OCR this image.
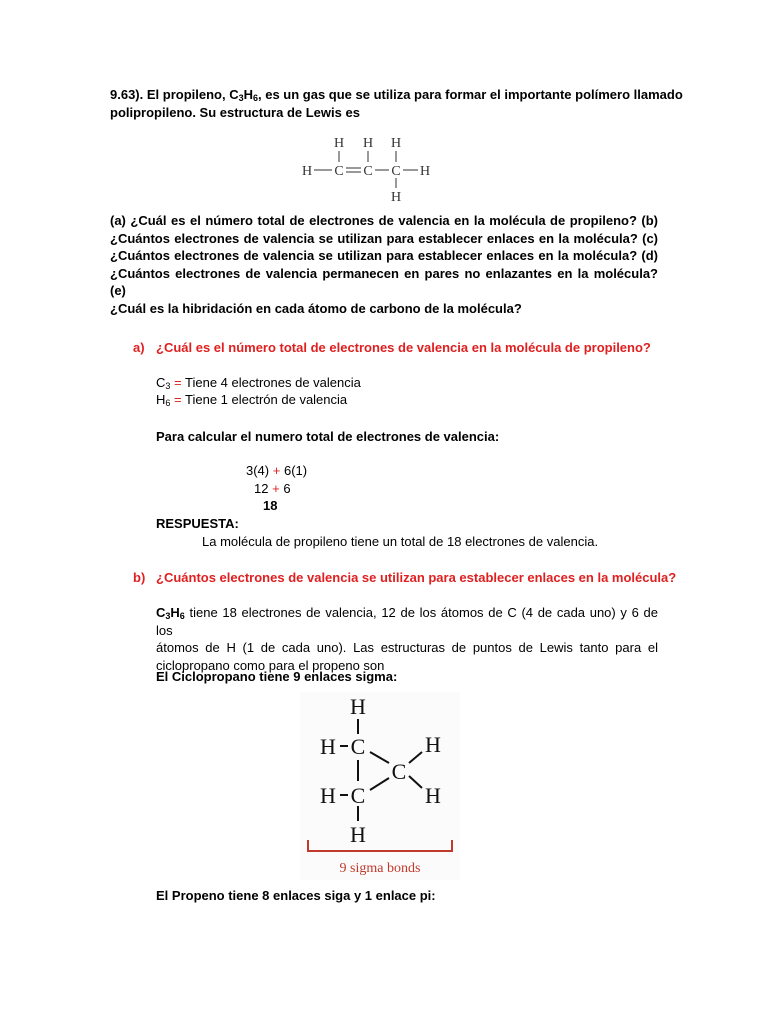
9.63). El propileno, $C_3H_6$, es un gas que se utiliza para formar el importante polímero llamado
polipropileno. Su estructura de Lewis es
H H H
H C C C H
H
(a) ¿Cuál es el número total de electrones de valencia en la molécula de propileno? (b)
¿Cuántos electrones de valencia se utilizan para establecer enlaces en la molécula? (c)
¿Cuántos electrones de valencia se utilizan para establecer enlaces en la molécula? (d)
¿Cuántos electrones de valencia permanecen en pares no enlazantes en la molécula? (e)
¿Cuál es la hibridación en cada átomo de carbono de la molécula?
a) ¿Cuál es el número total de electrones de valencia en la molécula de propileno?
$C_3$ = Tiene 4 electrones de valencia
$H_6$ = Tiene 1 electrón de valencia
Para calcular el numero total de electrones de valencia:
3(4) + 6(1)
12 + 6
18
RESPUESTA:
La molécula de propileno tiene un total de 18 electrones de valencia.
b) ¿Cuántos electrones de valencia se utilizan para establecer enlaces en la molécula?
$C_3H_6$ tiene 18 electrones de valencia, 12 de los átomos de C (4 de cada uno) y 6 de los
átomos de H (1 de cada uno). Las estructuras de puntos de Lewis tanto para el
ciclopropano como para el propeno son
El Ciclopropano tiene 9 enlaces sigma:
H
H C	H
C
H C	H
H
9 sigma bonds
El Propeno tiene 8 enlaces siga y 1 enlace pi:
